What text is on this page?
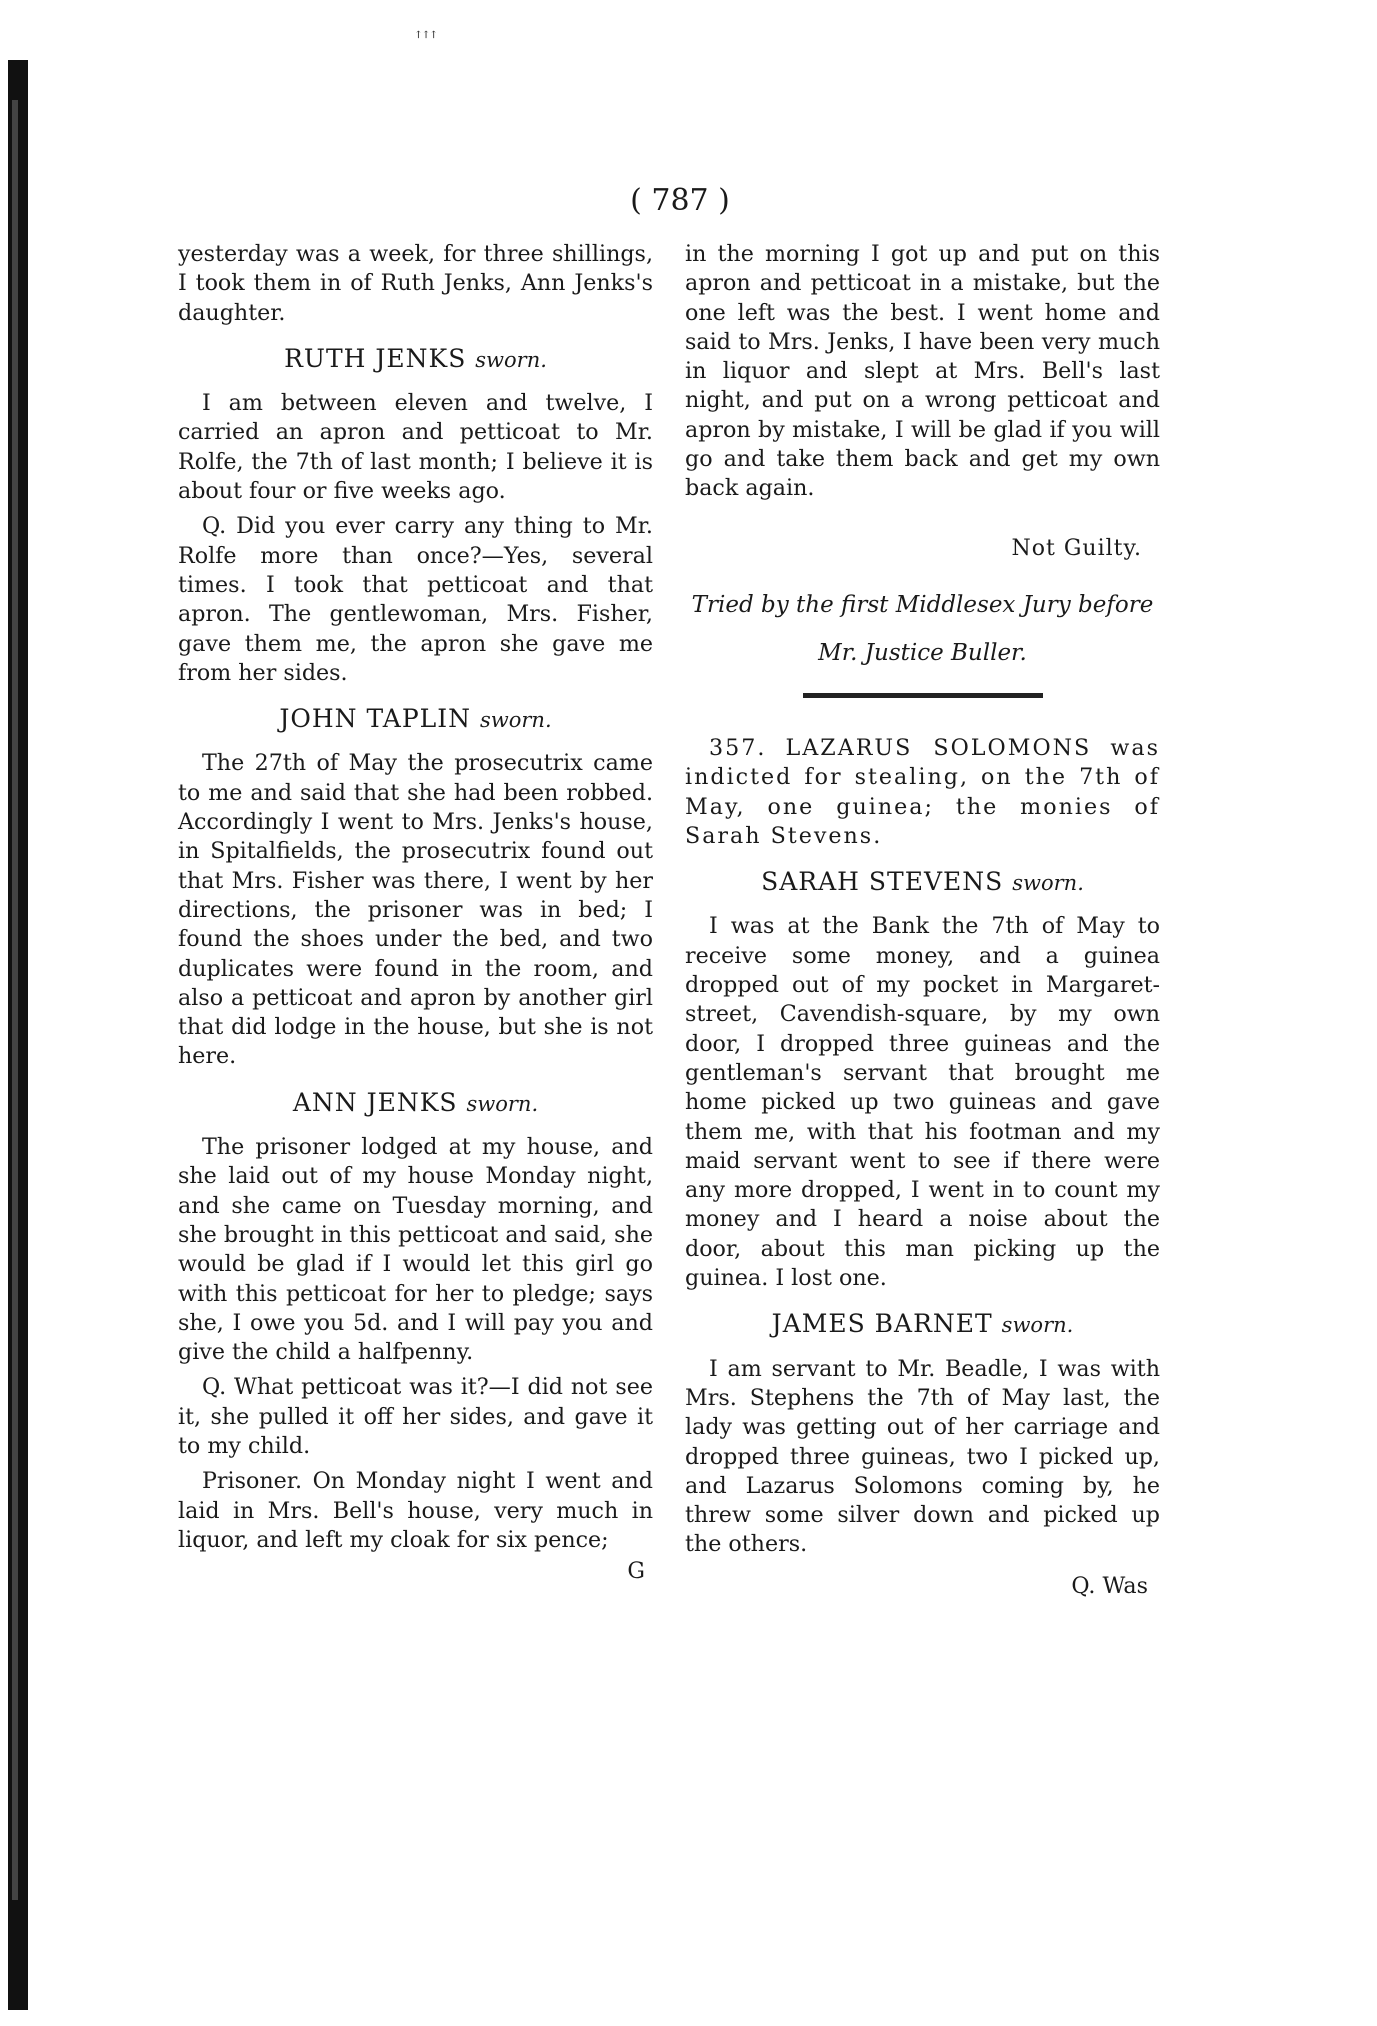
ꜛꜛꜛ
( 787 )

yesterday was a week, for three shillings, I took them in of Ruth Jenks, Ann Jenks's daughter.

RUTH JENKS sworn.

I am between eleven and twelve, I carried an apron and petticoat to Mr. Rolfe, the 7th of last month; I believe it is about four or five weeks ago.

Q. Did you ever carry any thing to Mr. Rolfe more than once?—Yes, several times. I took that petticoat and that apron. The gentlewoman, Mrs. Fisher, gave them me, the apron she gave me from her sides.

JOHN TAPLIN sworn.

The 27th of May the prosecutrix came to me and said that she had been robbed. Accordingly I went to Mrs. Jenks's house, in Spitalfields, the prosecutrix found out that Mrs. Fisher was there, I went by her directions, the prisoner was in bed; I found the shoes under the bed, and two duplicates were found in the room, and also a petticoat and apron by another girl that did lodge in the house, but she is not here.

ANN JENKS sworn.

The prisoner lodged at my house, and she laid out of my house Monday night, and she came on Tuesday morning, and she brought in this petticoat and said, she would be glad if I would let this girl go with this petticoat for her to pledge; says she, I owe you 5d. and I will pay you and give the child a halfpenny.

Q. What petticoat was it?—I did not see it, she pulled it off her sides, and gave it to my child.

Prisoner. On Monday night I went and laid in Mrs. Bell's house, very much in liquor, and left my cloak for six pence;

G

in the morning I got up and put on this apron and petticoat in a mistake, but the one left was the best. I went home and said to Mrs. Jenks, I have been very much in liquor and slept at Mrs. Bell's last night, and put on a wrong petticoat and apron by mistake, I will be glad if you will go and take them back and get my own back again.

Not Guilty.
Tried by the first Middlesex Jury before
Mr. Justice Buller.

357. LAZARUS SOLOMONS was indicted for stealing, on the 7th of May, one guinea; the monies of Sarah Stevens.

SARAH STEVENS sworn.

I was at the Bank the 7th of May to receive some money, and a guinea dropped out of my pocket in Margaret-street, Cavendish-square, by my own door, I dropped three guineas and the gentleman's servant that brought me home picked up two guineas and gave them me, with that his footman and my maid servant went to see if there were any more dropped, I went in to count my money and I heard a noise about the door, about this man picking up the guinea. I lost one.

JAMES BARNET sworn.

I am servant to Mr. Beadle, I was with Mrs. Stephens the 7th of May last, the lady was getting out of her carriage and dropped three guineas, two I picked up, and Lazarus Solomons coming by, he threw some silver down and picked up the others.

Q. Was
